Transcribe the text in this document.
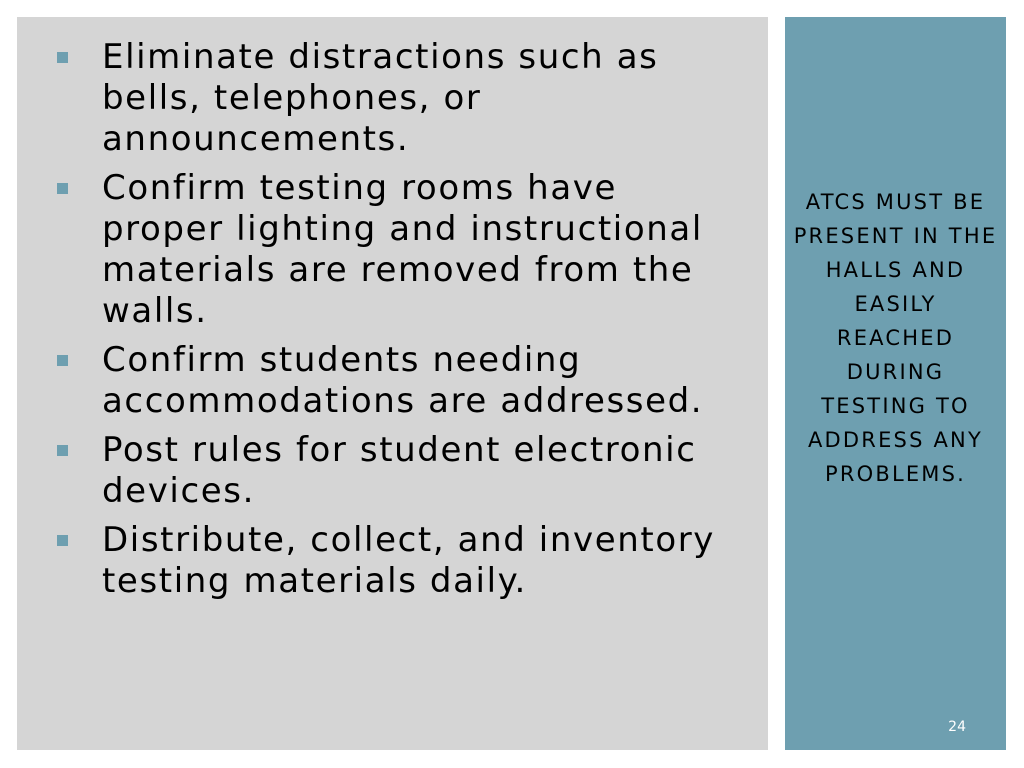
Eliminate distractions such as bells, telephones, or announcements.
Confirm testing rooms have proper lighting and instructional materials are removed from the walls.
Confirm students needing accommodations are addressed.
Post rules for student electronic devices.
Distribute, collect, and inventory testing materials daily.
ATCS MUST BE PRESENT IN THE HALLS AND EASILY REACHED DURING TESTING TO ADDRESS ANY PROBLEMS.
24
